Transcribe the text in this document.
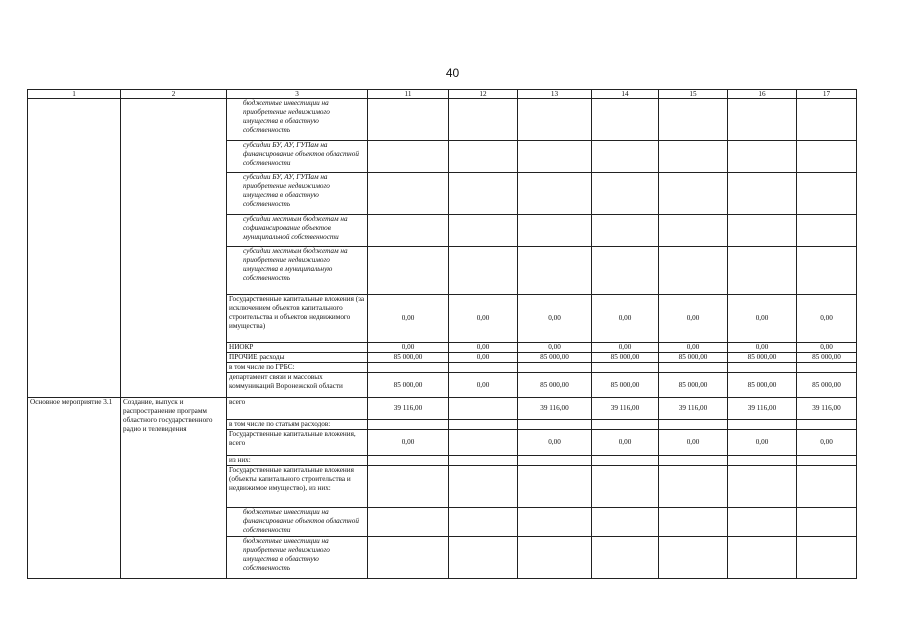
40
1	2	3	11	12	13	14	15	16	17
		бюджетные инвестиции на приобретение недвижимого имущества в областную собственность							
		субсидии БУ, АУ, ГУПам на финансирование объектов областной собственности							
		субсидии БУ, АУ, ГУПам на приобретение недвижимого имущества в областную собственность							
		субсидии местным бюджетам на софинансирование объектов муниципальной собственности							
		субсидии местным бюджетам на приобретение недвижимого имущества в муниципальную собственность							
		Государственные капитальные вложения (за исключением объектов капитального строительства и объектов недвижимого имущества)	0,00	0,00	0,00	0,00	0,00	0,00	0,00
		НИОКР	0,00	0,00	0,00	0,00	0,00	0,00	0,00
		ПРОЧИЕ расходы	85 000,00	0,00	85 000,00	85 000,00	85 000,00	85 000,00	85 000,00
		в том числе по ГРБС:							
		департамент связи и массовых коммуникаций Воронежской области	85 000,00	0,00	85 000,00	85 000,00	85 000,00	85 000,00	85 000,00
Основное мероприятие 3.1	Создание, выпуск и распространение программ областного государственного радио и телевидения	всего	39 116,00		39 116,00	39 116,00	39 116,00	39 116,00	39 116,00
		в том числе по статьям расходов:							
		Государственные капитальные вложения, всего	0,00		0,00	0,00	0,00	0,00	0,00
		из них:							
		Государственные капитальные вложения (объекты капитального строительства и недвижимое имущество), из них:							
		бюджетные инвестиции на финансирование объектов областной собственности							
		бюджетные инвестиции на приобретение недвижимого имущества в областную собственность							
